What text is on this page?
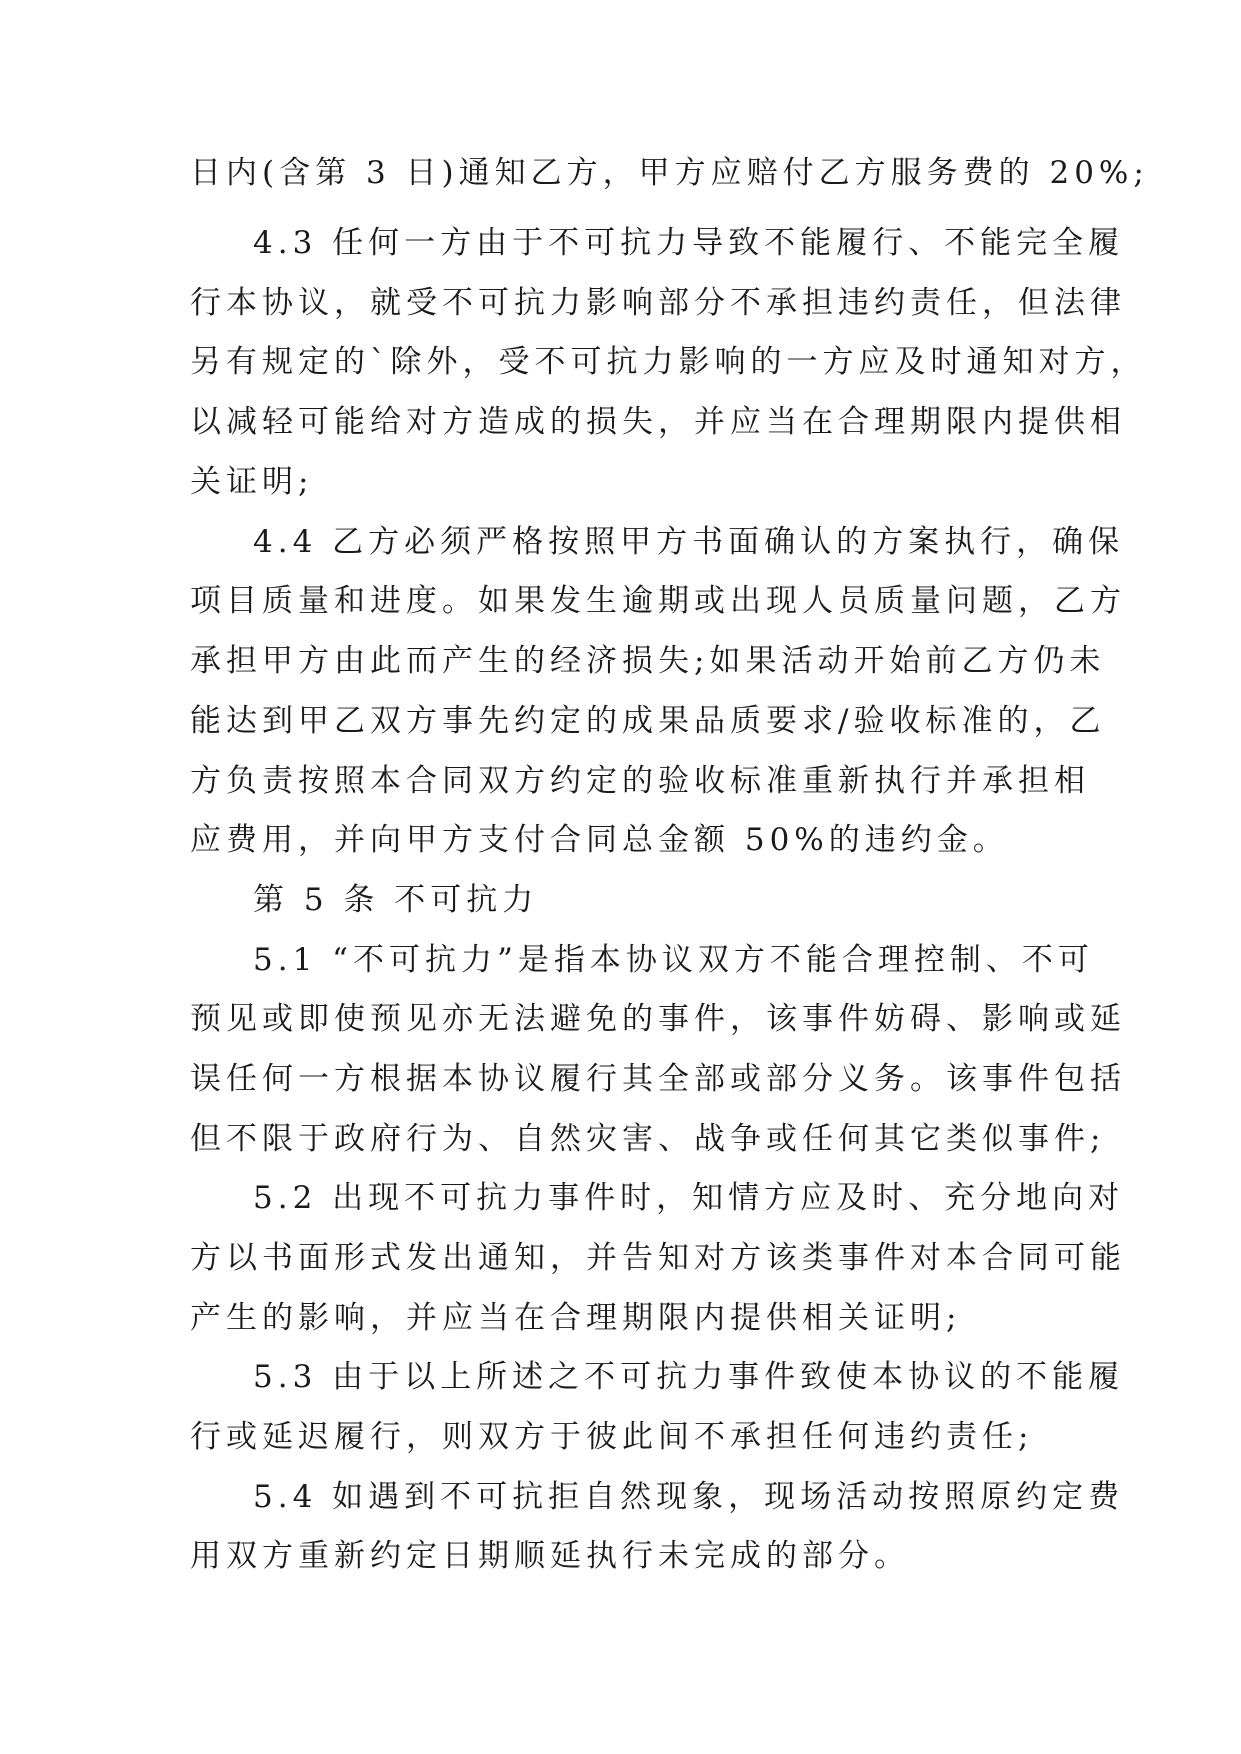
日内(含第 3 日)通知乙方，甲方应赔付乙方服务费的 20%;
4.3 任何一方由于不可抗力导致不能履行、不能完全履
行本协议，就受不可抗力影响部分不承担违约责任，但法律
另有规定的`除外，受不可抗力影响的一方应及时通知对方，
以减轻可能给对方造成的损失，并应当在合理期限内提供相
关证明;
4.4 乙方必须严格按照甲方书面确认的方案执行，确保
项目质量和进度。如果发生逾期或出现人员质量问题，乙方
承担甲方由此而产生的经济损失;如果活动开始前乙方仍未
能达到甲乙双方事先约定的成果品质要求/验收标准的，乙
方负责按照本合同双方约定的验收标准重新执行并承担相
应费用，并向甲方支付合同总金额 50%的违约金。
第 5 条 不可抗力
5.1 “不可抗力”是指本协议双方不能合理控制、不可
预见或即使预见亦无法避免的事件，该事件妨碍、影响或延
误任何一方根据本协议履行其全部或部分义务。该事件包括
但不限于政府行为、自然灾害、战争或任何其它类似事件;
5.2 出现不可抗力事件时，知情方应及时、充分地向对
方以书面形式发出通知，并告知对方该类事件对本合同可能
产生的影响，并应当在合理期限内提供相关证明;
5.3 由于以上所述之不可抗力事件致使本协议的不能履
行或延迟履行，则双方于彼此间不承担任何违约责任;
5.4 如遇到不可抗拒自然现象，现场活动按照原约定费
用双方重新约定日期顺延执行未完成的部分。
